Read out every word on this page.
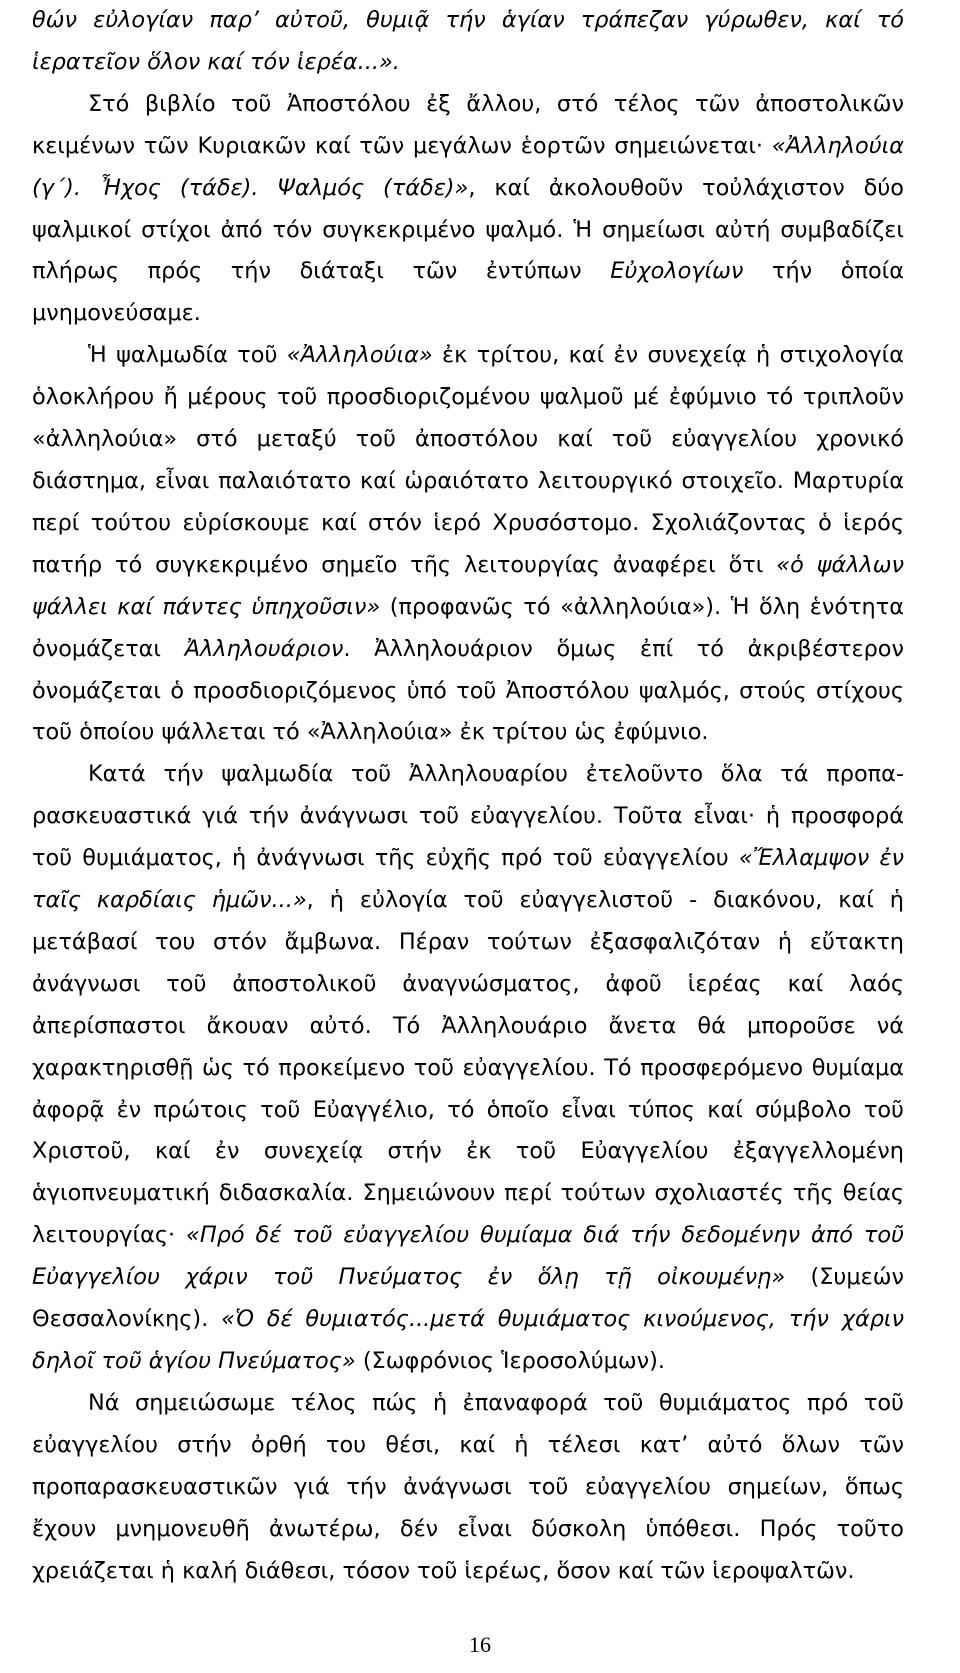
θών εὐλογίαν παρ’ αὐτοῦ, θυμιᾷ τήν ἁγίαν τράπεζαν γύρωθεν, καί τό ἱερατεῖον ὅλον καί τόν ἱερέα...».

Στό βιβλίο τοῦ Ἀποστόλου ἐξ ἄλλου, στό τέλος τῶν ἀποστολικῶν κειμένων τῶν Κυριακῶν καί τῶν μεγάλων ἑορτῶν σημειώνεται· «Ἀλληλούια (γ΄). Ἦχος (τάδε). Ψαλμός (τάδε)», καί ἀκολουθοῦν τοὐλάχιστον δύο ψαλμικοί στίχοι ἀπό τόν συγκεκριμένο ψαλμό. Ἡ σημείωσι αὐτή συμβαδίζει πλήρως πρός τήν διάταξι τῶν ἐντύπων Εὐχολογίων τήν ὁποία μνημονεύσαμε.

Ἡ ψαλμωδία τοῦ «Ἀλληλούια» ἐκ τρίτου, καί ἐν συνεχείᾳ ἡ στιχολογία ὁλοκλήρου ἤ μέρους τοῦ προσδιοριζομένου ψαλμοῦ μέ ἐφύμνιο τό τριπλοῦν «ἀλληλούια» στό μεταξύ τοῦ ἀποστόλου καί τοῦ εὐαγγελίου χρονικό διάστημα, εἶναι παλαιότατο καί ὡραιότατο λειτουργικό στοιχεῖο. Μαρτυρία περί τούτου εὑρίσκουμε καί στόν ἱερό Χρυσόστομο. Σχολιάζοντας ὁ ἱερός πατήρ τό συγκεκριμένο σημεῖο τῆς λειτουργίας ἀναφέρει ὅτι «ὁ ψάλλων ψάλλει καί πάντες ὑπηχοῦσιν» (προφανῶς τό «ἀλληλούια»). Ἡ ὅλη ἑνότητα ὀνομάζεται Ἀλληλουάριον. Ἀλληλουάριον ὅμως ἐπί τό ἀκριβέστερον ὀνομάζεται ὁ προσδιοριζόμενος ὑπό τοῦ Ἀποστόλου ψαλμός, στούς στίχους τοῦ ὁποίου ψάλλεται τό «Ἀλληλούια» ἐκ τρίτου ὡς ἐφύμνιο.

Κατά τήν ψαλμωδία τοῦ Ἀλληλουαρίου ἐτελοῦντο ὅλα τά προπαρασκευαστικά γιά τήν ἀνάγνωσι τοῦ εὐαγγελίου. Τοῦτα εἶναι· ἡ προσφορά τοῦ θυμιάματος, ἡ ἀνάγνωσι τῆς εὐχῆς πρό τοῦ εὐαγγελίου «Ἔλλαμψον ἐν ταῖς καρδίαις ἡμῶν...», ἡ εὐλογία τοῦ εὐαγγελιστοῦ - διακόνου, καί ἡ μετάβασί του στόν ἄμβωνα. Πέραν τούτων ἐξασφαλιζόταν ἡ εὔτακτη ἀνάγνωσι τοῦ ἀποστολικοῦ ἀναγνώσματος, ἀφοῦ ἱερέας καί λαός ἀπερίσπαστοι ἄκουαν αὐτό. Τό Ἀλληλουάριο ἄνετα θά μποροῦσε νά χαρακτηρισθῇ ὡς τό προκείμενο τοῦ εὐαγγελίου. Τό προσφερόμενο θυμίαμα ἀφορᾷ ἐν πρώτοις τοῦ Εὐαγγέλιο, τό ὁποῖο εἶναι τύπος καί σύμβολο τοῦ Χριστοῦ, καί ἐν συνεχείᾳ στήν ἐκ τοῦ Εὐαγγελίου ἐξαγγελλομένη ἁγιοπνευματική διδασκαλία. Σημειώνουν περί τούτων σχολιαστές τῆς θείας λειτουργίας· «Πρό δέ τοῦ εὐαγγελίου θυμίαμα διά τήν δεδομένην ἀπό τοῦ Εὐαγγελίου χάριν τοῦ Πνεύματος ἐν ὅλῃ τῇ οἰκουμένῃ» (Συμεών Θεσσαλονίκης). «Ὁ δέ θυμιατός...μετά θυμιάματος κινούμενος, τήν χάριν δηλοῖ τοῦ ἁγίου Πνεύματος» (Σωφρόνιος Ἱεροσολύμων).

Νά σημειώσωμε τέλος πώς ἡ ἐπαναφορά τοῦ θυμιάματος πρό τοῦ εὐαγγελίου στήν ὀρθή του θέσι, καί ἡ τέλεσι κατ’ αὐτό ὅλων τῶν προπαρασκευαστικῶν γιά τήν ἀνάγνωσι τοῦ εὐαγγελίου σημείων, ὅπως ἔχουν μνημονευθῆ ἀνωτέρω, δέν εἶναι δύσκολη ὑπόθεσι. Πρός τοῦτο χρειάζεται ἡ καλή διάθεσι, τόσον τοῦ ἱερέως, ὅσον καί τῶν ἱεροψαλτῶν.

16
